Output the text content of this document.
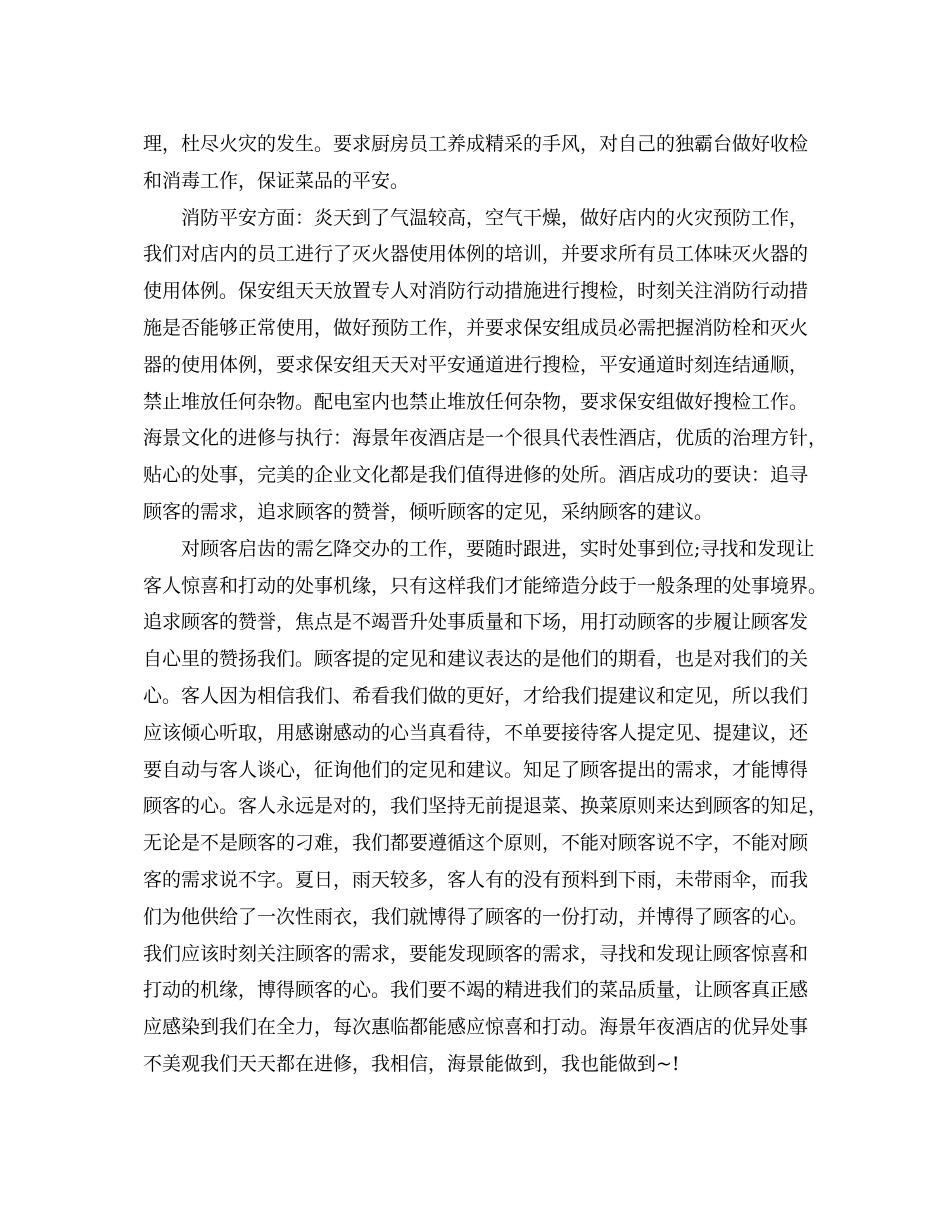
理，杜尽火灾的发生。要求厨房员工养成精采的手风，对自己的独霸台做好收检
和消毒工作，保证菜品的平安。
消防平安方面：炎天到了气温较高，空气干燥，做好店内的火灾预防工作，
我们对店内的员工进行了灭火器使用体例的培训，并要求所有员工体味灭火器的
使用体例。保安组天天放置专人对消防行动措施进行搜检，时刻关注消防行动措
施是否能够正常使用，做好预防工作，并要求保安组成员必需把握消防栓和灭火
器的使用体例，要求保安组天天对平安通道进行搜检，平安通道时刻连结通顺，
禁止堆放任何杂物。配电室内也禁止堆放任何杂物，要求保安组做好搜检工作。
海景文化的进修与执行：海景年夜酒店是一个很具代表性酒店，优质的治理方针，
贴心的处事，完美的企业文化都是我们值得进修的处所。酒店成功的要诀：追寻
顾客的需求，追求顾客的赞誉，倾听顾客的定见，采纳顾客的建议。
对顾客启齿的需乞降交办的工作，要随时跟进，实时处事到位;寻找和发现让
客人惊喜和打动的处事机缘，只有这样我们才能缔造分歧于一般条理的处事境界。
追求顾客的赞誉，焦点是不竭晋升处事质量和下场，用打动顾客的步履让顾客发
自心里的赞扬我们。顾客提的定见和建议表达的是他们的期看，也是对我们的关
心。客人因为相信我们、希看我们做的更好，才给我们提建议和定见，所以我们
应该倾心听取，用感谢感动的心当真看待，不单要接待客人提定见、提建议，还
要自动与客人谈心，征询他们的定见和建议。知足了顾客提出的需求，才能博得
顾客的心。客人永远是对的，我们坚持无前提退菜、换菜原则来达到顾客的知足，
无论是不是顾客的刁难，我们都要遵循这个原则，不能对顾客说不字，不能对顾
客的需求说不字。夏日，雨天较多，客人有的没有预料到下雨，未带雨伞，而我
们为他供给了一次性雨衣，我们就博得了顾客的一份打动，并博得了顾客的心。
我们应该时刻关注顾客的需求，要能发现顾客的需求，寻找和发现让顾客惊喜和
打动的机缘，博得顾客的心。我们要不竭的精进我们的菜品质量，让顾客真正感
应感染到我们在全力，每次惠临都能感应惊喜和打动。海景年夜酒店的优异处事
不美观我们天天都在进修，我相信，海景能做到，我也能做到~!
